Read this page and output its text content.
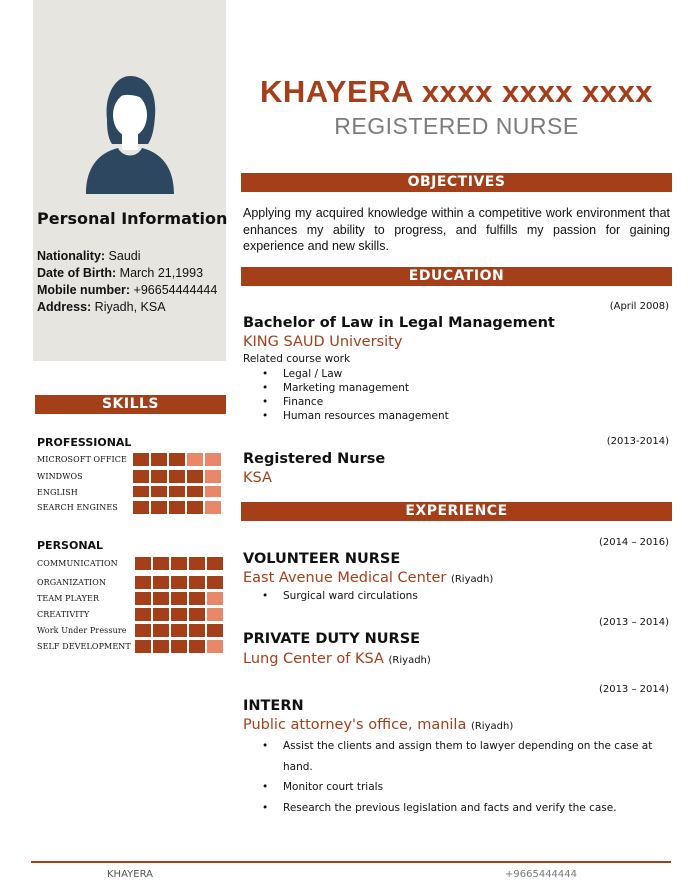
Personal Information
Nationality: Saudi
Date of Birth: March 21,1993
Mobile number: +96654444444
Address: Riyadh, KSA
SKILLS
PROFESSIONAL
MICROSOFT OFFICE
WINDWOS
ENGLISH
SEARCH ENGINES
PERSONAL
COMMUNICATION
ORGANIZATION
TEAM PLAYER
CREATIVITY
Work Under Pressure
SELF DEVELOPMENT
KHAYERA xxxx xxxx xxxx
REGISTERED NURSE
OBJECTIVES
Applying my acquired knowledge within a competitive work environment that enhances my ability to progress, and fulfills my passion for gaining experience and new skills.
EDUCATION
(April 2008)
Bachelor of Law in Legal Management
KING SAUD University
Related course work
• Legal / Law
• Marketing management
• Finance
• Human resources management
(2013-2014)
Registered Nurse
KSA
EXPERIENCE
(2014 – 2016)
VOLUNTEER NURSE
East Avenue Medical Center (Riyadh)
• Surgical ward circulations
(2013 – 2014)
PRIVATE DUTY NURSE
Lung Center of KSA (Riyadh)
(2013 – 2014)
INTERN
Public attorney's office, manila (Riyadh)
• Assist the clients and assign them to lawyer depending on the case at
hand.
• Monitor court trials
• Research the previous legislation and facts and verify the case.
KHAYERA	+9665444444
